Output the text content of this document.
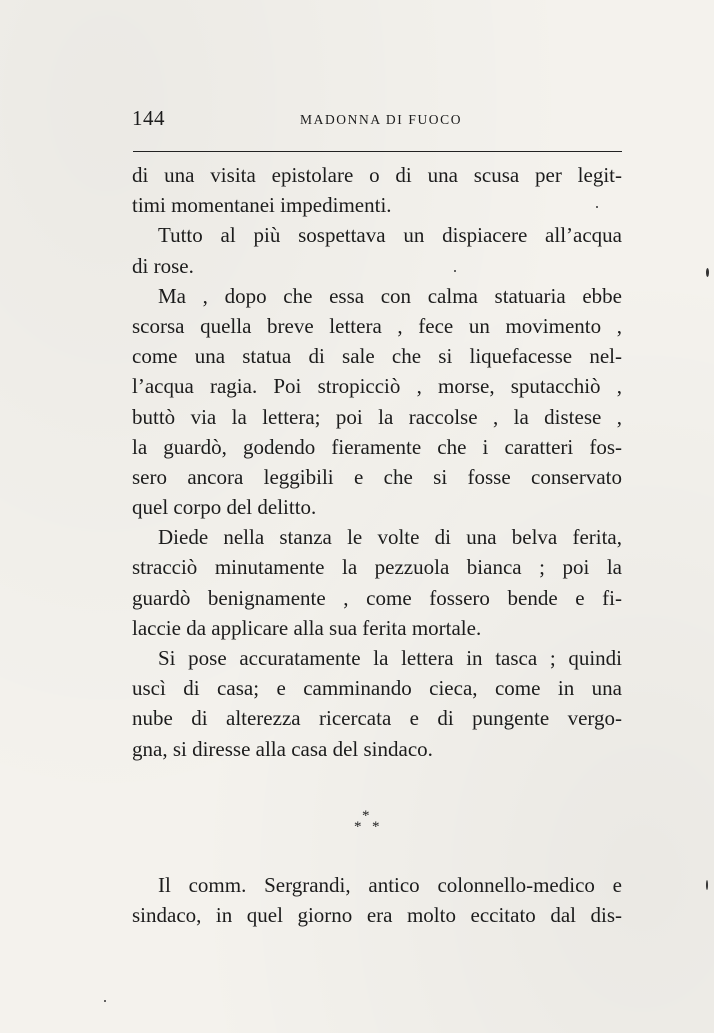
144	MADONNA DI FUOCO
di una visita epistolare o di una scusa per legit-
timi momentanei impedimenti.
Tutto al più sospettava un dispiacere all’acqua
di rose.
Ma , dopo che essa con calma statuaria ebbe
scorsa quella breve lettera , fece un movimento ,
come una statua di sale che si liquefacesse nel-
l’acqua ragia. Poi stropicciò , morse, sputacchiò ,
buttò via la lettera; poi la raccolse , la distese ,
la guardò, godendo fieramente che i caratteri fos-
sero ancora leggibili e che si fosse conservato
quel corpo del delitto.
Diede nella stanza le volte di una belva ferita,
stracciò minutamente la pezzuola bianca ; poi la
guardò benignamente , come fossero bende e fi-
laccie da applicare alla sua ferita mortale.
Si pose accuratamente la lettera in tasca ; quindi
uscì di casa; e camminando cieca, come in una
nube di alterezza ricercata e di pungente vergo-
gna, si diresse alla casa del sindaco.
*
* *
Il comm. Sergrandi, antico colonnello-medico e
sindaco, in quel giorno era molto eccitato dal dis-
